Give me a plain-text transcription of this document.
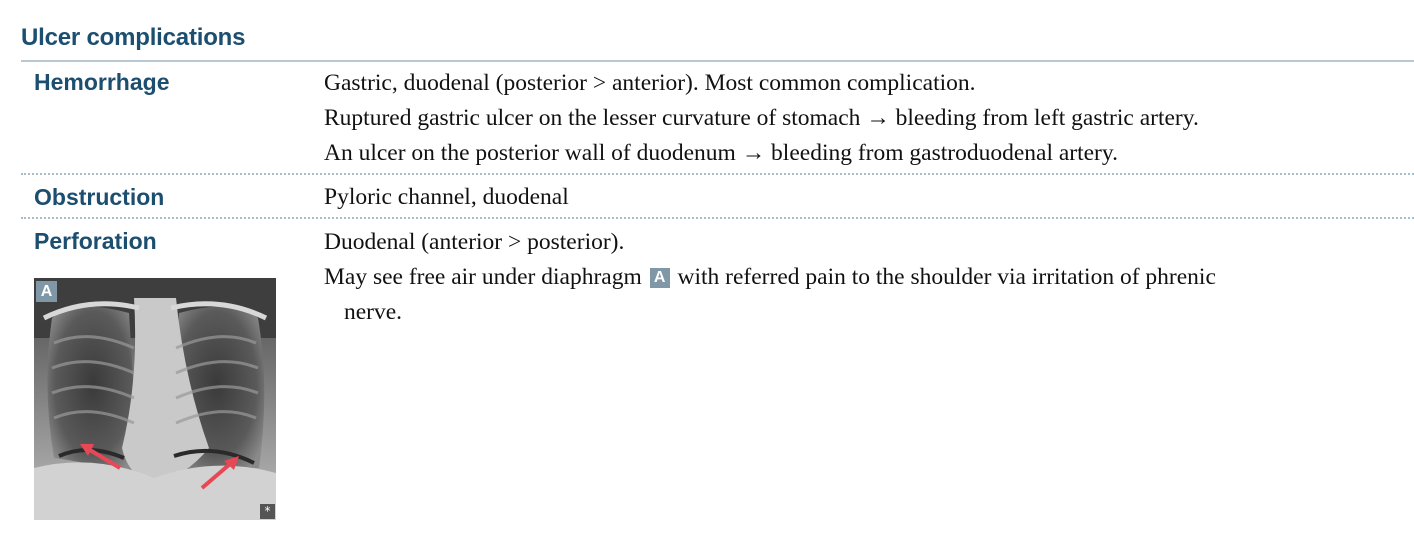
Ulcer complications
Hemorrhage	Gastric, duodenal (posterior > anterior). Most common complication.

Ruptured gastric ulcer on the lesser curvature of stomach → bleeding from left gastric artery.

An ulcer on the posterior wall of duodenum → bleeding from gastroduodenal artery.

Obstruction	Pyloric channel, duodenal

Perforation	Duodenal (anterior > posterior).

May see free air under diaphragm A with referred pain to the shoulder via irritation of phrenic

nerve.

A
*
